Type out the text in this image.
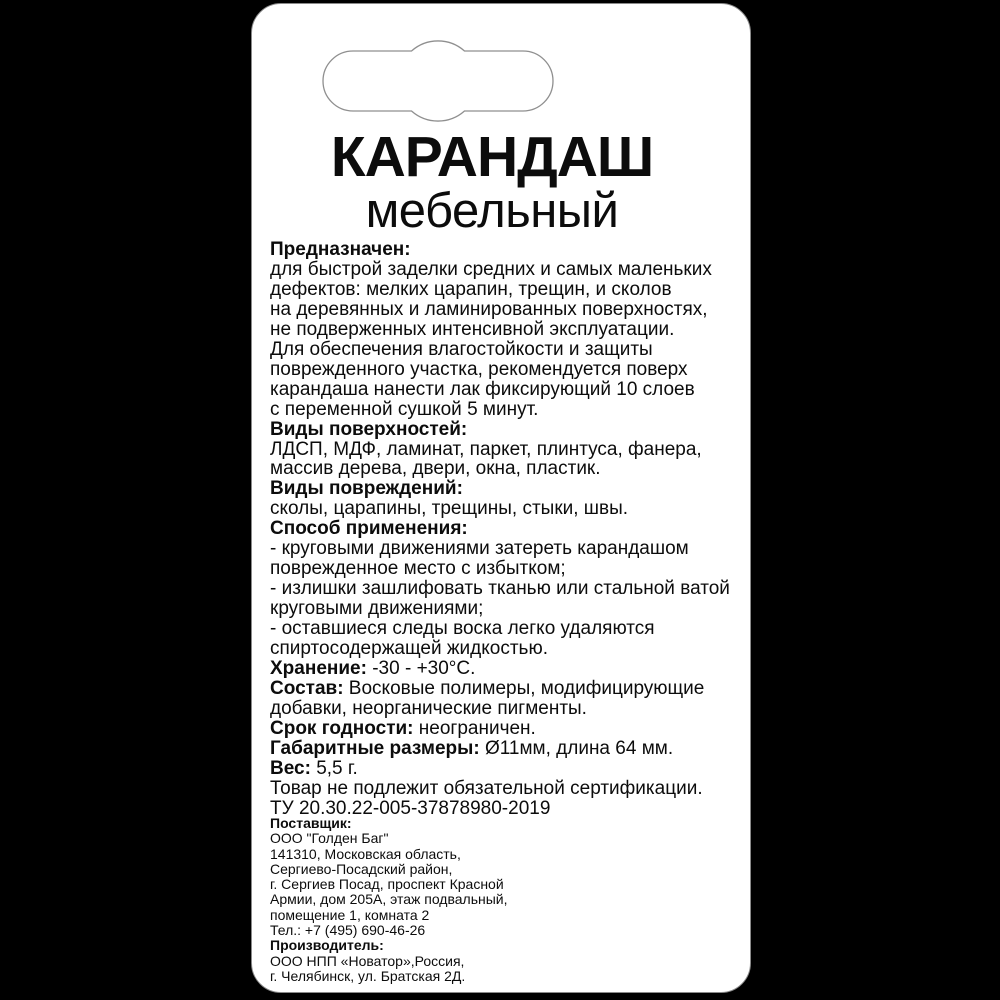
КАРАНДАШ
мебельный
Предназначен:
для быстрой заделки средних и самых маленьких
дефектов: мелких царапин, трещин, и сколов
на деревянных и ламинированных поверхностях,
не подверженных интенсивной эксплуатации.
Для обеспечения влагостойкости и защиты
поврежденного участка, рекомендуется поверх
карандаша нанести лак фиксирующий 10 слоев
с переменной сушкой 5 минут.
Виды поверхностей:
ЛДСП, МДФ, ламинат, паркет, плинтуса, фанера,
массив дерева, двери, окна, пластик.
Виды повреждений:
сколы, царапины, трещины, стыки, швы.
Способ применения:
- круговыми движениями затереть карандашом
поврежденное место с избытком;
- излишки зашлифовать тканью или стальной ватой
круговыми движениями;
- оставшиеся следы воска легко удаляются
спиртосодержащей жидкостью.
Хранение: -30 - +30°С.
Состав: Восковые полимеры, модифицирующие
добавки, неорганические пигменты.
Срок годности: неограничен.
Габаритные размеры: Ø11мм, длина 64 мм.
Вес: 5,5 г.
Товар не подлежит обязательной сертификации.
ТУ 20.30.22-005-37878980-2019
Поставщик:
ООО "Голден Баг"
141310, Московская область,
Сергиево-Посадский район,
г. Сергиев Посад, проспект Красной
Армии, дом 205А, этаж подвальный,
помещение 1, комната 2
Тел.: +7 (495) 690-46-26
Производитель:
ООО НПП «Новатор»,Россия,
г. Челябинск, ул. Братская 2Д.
